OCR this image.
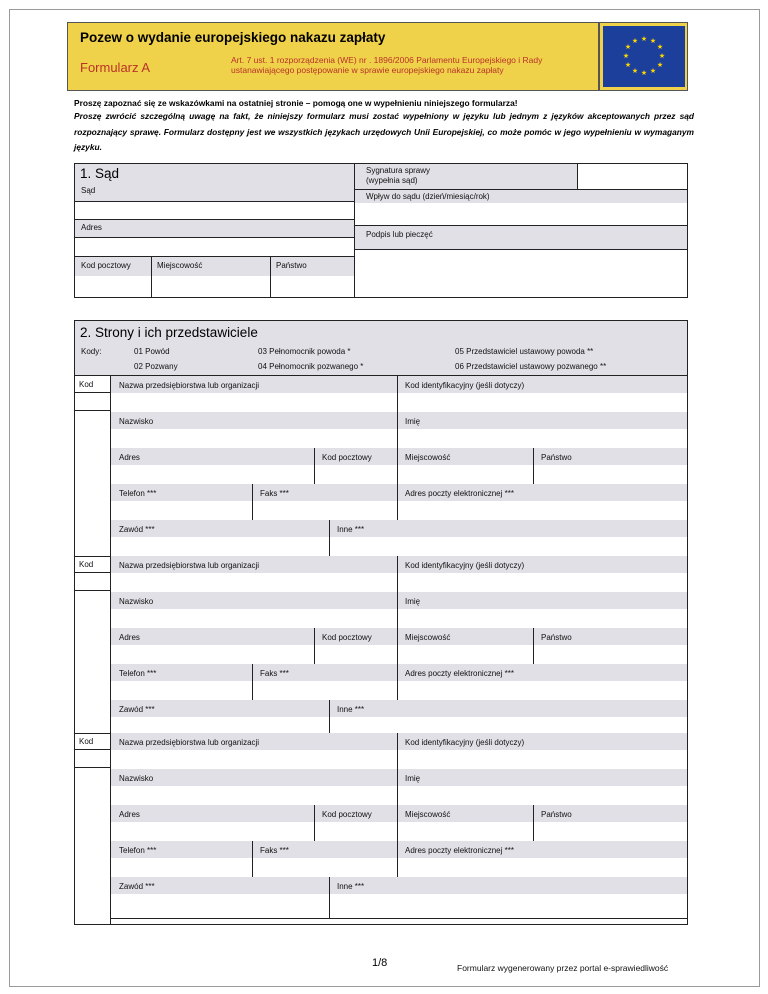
Pozew o wydanie europejskiego nakazu zapłaty
Formularz A	Art. 7 ust. 1 rozporządzenia (WE) nr . 1896/2006 Parlamentu Europejskiego i Rady ustanawiającego postępowanie w sprawie europejskiego nakazu zapłaty
★ ★
★
★
★
★
★
★
★
★
★
★
Proszę zapoznać się ze wskazówkami na ostatniej stronie – pomogą one w wypełnieniu niniejszego formularza!
Proszę zwrócić szczególną uwagę na fakt, że niniejszy formularz musi zostać wypełniony w języku lub jednym z języków akceptowanych przez sąd rozpoznający sprawę. Formularz dostępny jest we wszystkich językach urzędowych Unii Europejskiej, co może pomóc w jego wypełnieniu w wymaganym języku.
1. Sąd
Sąd
Adres
Kod pocztowy	Miejscowość	Państwo
Sygnatura sprawy
(wypełnia sąd)
Wpływ do sądu (dzień/miesiąc/rok)
Podpis lub pieczęć
2. Strony i ich przedstawiciele
Kody:	01 Powód
02 Pozwany
03 Pełnomocnik powoda *
04 Pełnomocnik pozwanego *
05 Przedstawiciel ustawowy powoda **
06 Przedstawiciel ustawowy pozwanego **
Kod	Nazwa przedsiębiorstwa lub organizacji	Kod identyfikacyjny (jeśli dotyczy)
Nazwisko	Imię
Adres	Kod pocztowy	Miejscowość	Państwo
Telefon ***	Faks ***	Adres poczty elektronicznej ***
Zawód ***	Inne ***
Kod	Nazwa przedsiębiorstwa lub organizacji	Kod identyfikacyjny (jeśli dotyczy)
Nazwisko	Imię
Adres	Kod pocztowy	Miejscowość	Państwo
Telefon ***	Faks ***	Adres poczty elektronicznej ***
Zawód ***	Inne ***
Kod	Nazwa przedsiębiorstwa lub organizacji	Kod identyfikacyjny (jeśli dotyczy)
Nazwisko	Imię
Adres	Kod pocztowy	Miejscowość	Państwo
Telefon ***	Faks ***	Adres poczty elektronicznej ***
Zawód ***	Inne ***
1/8	Formularz wygenerowany przez portal e-sprawiedliwość
